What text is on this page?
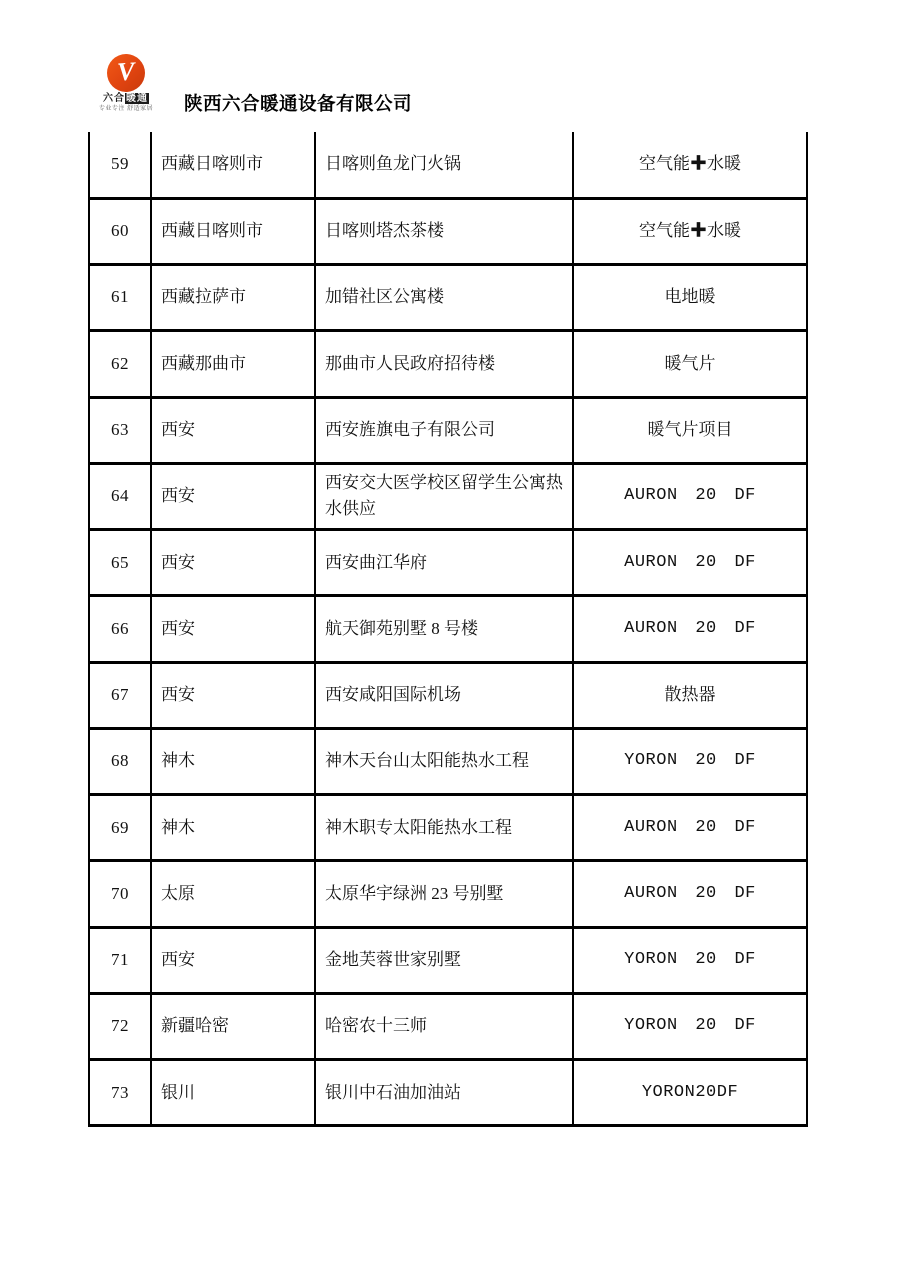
V
六合暖通
专业专注 舒适家居 陕西六合暖通设备有限公司
59	西藏日喀则市	日喀则鱼龙门火锅	空气能✚水暖
60	西藏日喀则市	日喀则塔杰茶楼	空气能✚水暖
61	西藏拉萨市	加错社区公寓楼	电地暖
62	西藏那曲市	那曲市人民政府招待楼	暖气片
63	西安	西安旌旗电子有限公司	暖气片项目
64	西安	西安交大医学校区留学生公寓热水供应	AURON 20 DF
65	西安	西安曲江华府	AURON 20 DF
66	西安	航天御苑别墅 8 号楼	AURON 20 DF
67	西安	西安咸阳国际机场	散热器
68	神木	神木天台山太阳能热水工程	YORON 20 DF
69	神木	神木职专太阳能热水工程	AURON 20 DF
70	太原	太原华宇绿洲 23 号别墅	AURON 20 DF
71	西安	金地芙蓉世家别墅	YORON 20 DF
72	新疆哈密	哈密农十三师	YORON 20 DF
73	银川	银川中石油加油站	YORON20DF
